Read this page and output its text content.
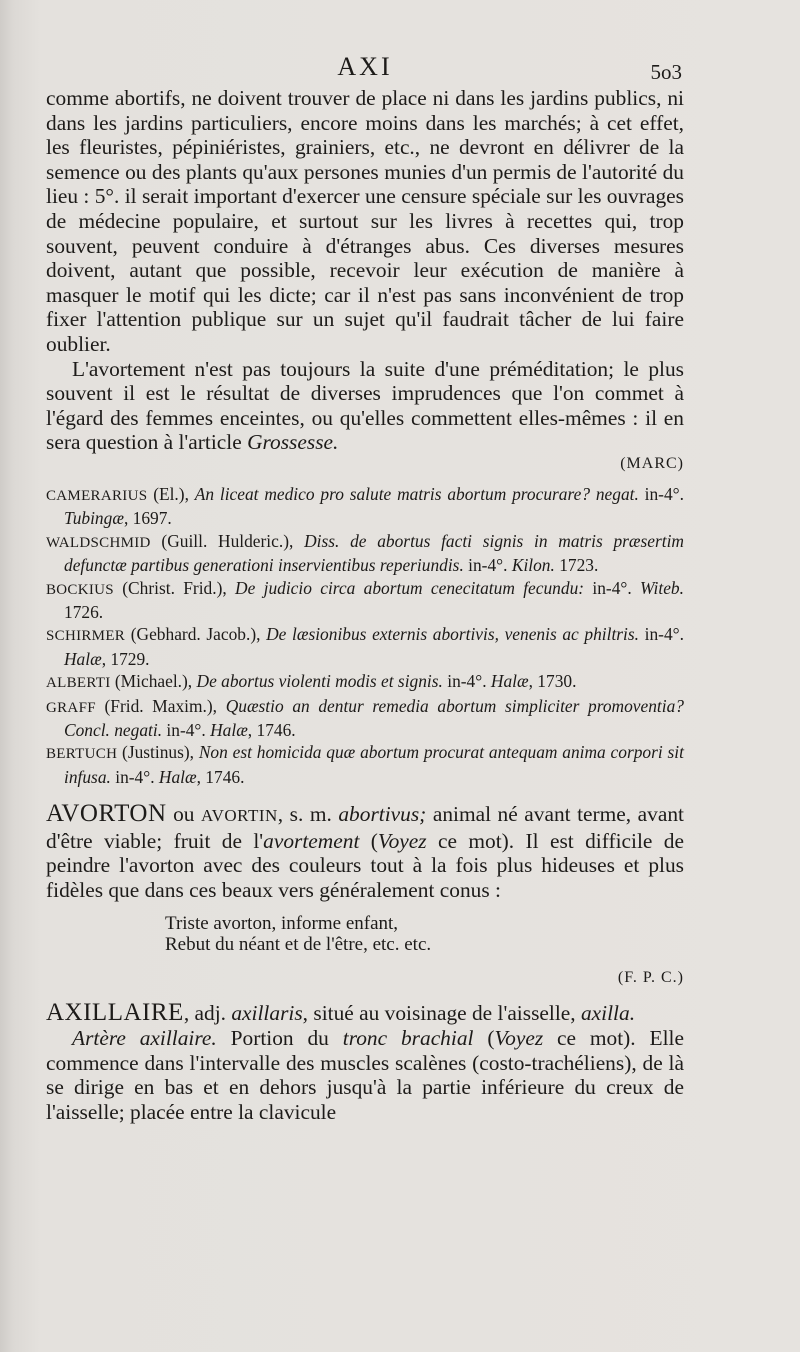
AXI	5o3

comme abortifs, ne doivent trouver de place ni dans les jardins publics, ni dans les jardins particuliers, encore moins dans les marchés; à cet effet, les fleuristes, pépiniéristes, grainiers, etc., ne devront en délivrer de la semence ou des plants qu'aux persones munies d'un permis de l'autorité du lieu : 5°. il serait important d'exercer une censure spéciale sur les ouvrages de médecine populaire, et surtout sur les livres à recettes qui, trop souvent, peuvent conduire à d'étranges abus. Ces diverses mesures doivent, autant que possible, recevoir leur exécution de manière à masquer le motif qui les dicte; car il n'est pas sans inconvénient de trop fixer l'attention publique sur un sujet qu'il faudrait tâcher de lui faire oublier.

L'avortement n'est pas toujours la suite d'une préméditation; le plus souvent il est le résultat de diverses imprudences que l'on commet à l'égard des femmes enceintes, ou qu'elles commettent elles-mêmes : il en sera question à l'article Grossesse.

(MARC)

CAMERARIUS (El.), An liceat medico pro salute matris abortum procurare? negat. in-4°. Tubingæ, 1697.

WALDSCHMID (Guill. Hulderic.), Diss. de abortus facti signis in matris præsertim defunctæ partibus generationi inservientibus reperiundis. in-4°. Kilon. 1723.

BOCKIUS (Christ. Frid.), De judicio circa abortum cenecitatum fecundu: in-4°. Witeb. 1726.

SCHIRMER (Gebhard. Jacob.), De læsionibus externis abortivis, venenis ac philtris. in-4°. Halæ, 1729.

ALBERTI (Michael.), De abortus violenti modis et signis. in-4°. Halæ, 1730.

GRAFF (Frid. Maxim.), Quæstio an dentur remedia abortum simpliciter promoventia? Concl. negati. in-4°. Halæ, 1746.

BERTUCH (Justinus), Non est homicida quæ abortum procurat antequam anima corpori sit infusa. in-4°. Halæ, 1746.

AVORTON ou AVORTIN, s. m. abortivus; animal né avant terme, avant d'être viable; fruit de l'avortement (Voyez ce mot). Il est difficile de peindre l'avorton avec des couleurs tout à la fois plus hideuses et plus fidèles que dans ces beaux vers généralement conus :

Triste avorton, informe enfant,
Rebut du néant et de l'être, etc. etc.
(F. P. C.)

AXILLAIRE, adj. axillaris, situé au voisinage de l'aisselle, axilla.

Artère axillaire. Portion du tronc brachial (Voyez ce mot). Elle commence dans l'intervalle des muscles scalènes (costo-trachéliens), de là se dirige en bas et en dehors jusqu'à la partie inférieure du creux de l'aisselle; placée entre la clavicule
